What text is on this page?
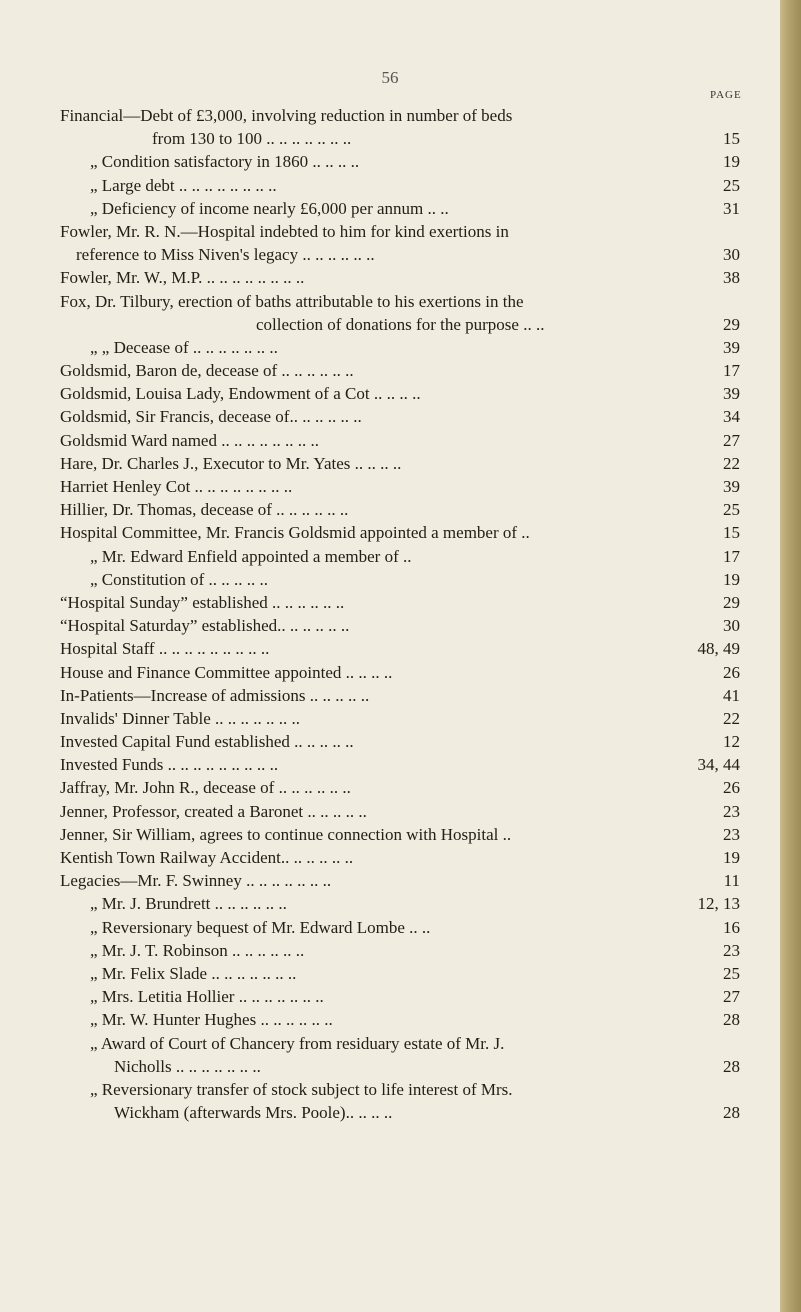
56
PAGE
Financial—Debt of £3,000, involving reduction in number of beds
from 130 to 100 .. .. .. .. .. .. ..	15
„ Condition satisfactory in 1860 .. .. .. ..	19
„ Large debt .. .. .. .. .. .. .. ..	25
„ Deficiency of income nearly £6,000 per annum .. ..	31
Fowler, Mr. R. N.—Hospital indebted to him for kind exertions in
reference to Miss Niven's legacy .. .. .. .. .. ..	30
Fowler, Mr. W., M.P. .. .. .. .. .. .. .. ..	38
Fox, Dr. Tilbury, erection of baths attributable to his exertions in the
collection of donations for the purpose .. ..	29
„ „ Decease of .. .. .. .. .. .. ..	39
Goldsmid, Baron de, decease of .. .. .. .. .. ..	17
Goldsmid, Louisa Lady, Endowment of a Cot .. .. .. ..	39
Goldsmid, Sir Francis, decease of.. .. .. .. .. ..	34
Goldsmid Ward named .. .. .. .. .. .. .. ..	27
Hare, Dr. Charles J., Executor to Mr. Yates .. .. .. ..	22
Harriet Henley Cot .. .. .. .. .. .. .. ..	39
Hillier, Dr. Thomas, decease of .. .. .. .. .. ..	25
Hospital Committee, Mr. Francis Goldsmid appointed a member of ..	15
„ Mr. Edward Enfield appointed a member of ..	17
„ Constitution of .. .. .. .. ..	19
“Hospital Sunday” established .. .. .. .. .. ..	29
“Hospital Saturday” established.. .. .. .. .. ..	30
Hospital Staff .. .. .. .. .. .. .. .. ..	48, 49
House and Finance Committee appointed .. .. .. ..	26
In-Patients—Increase of admissions .. .. .. .. ..	41
Invalids' Dinner Table .. .. .. .. .. .. ..	22
Invested Capital Fund established .. .. .. .. ..	12
Invested Funds .. .. .. .. .. .. .. .. ..	34, 44
Jaffray, Mr. John R., decease of .. .. .. .. .. ..	26
Jenner, Professor, created a Baronet .. .. .. .. ..	23
Jenner, Sir William, agrees to continue connection with Hospital ..	23
Kentish Town Railway Accident.. .. .. .. .. ..	19
Legacies—Mr. F. Swinney .. .. .. .. .. .. ..	11
„ Mr. J. Brundrett .. .. .. .. .. ..	12, 13
„ Reversionary bequest of Mr. Edward Lombe .. ..	16
„ Mr. J. T. Robinson .. .. .. .. .. ..	23
„ Mr. Felix Slade .. .. .. .. .. .. ..	25
„ Mrs. Letitia Hollier .. .. .. .. .. .. ..	27
„ Mr. W. Hunter Hughes .. .. .. .. .. ..	28
„ Award of Court of Chancery from residuary estate of Mr. J.
Nicholls .. .. .. .. .. .. ..	28
„ Reversionary transfer of stock subject to life interest of Mrs.
Wickham (afterwards Mrs. Poole).. .. .. ..	28
